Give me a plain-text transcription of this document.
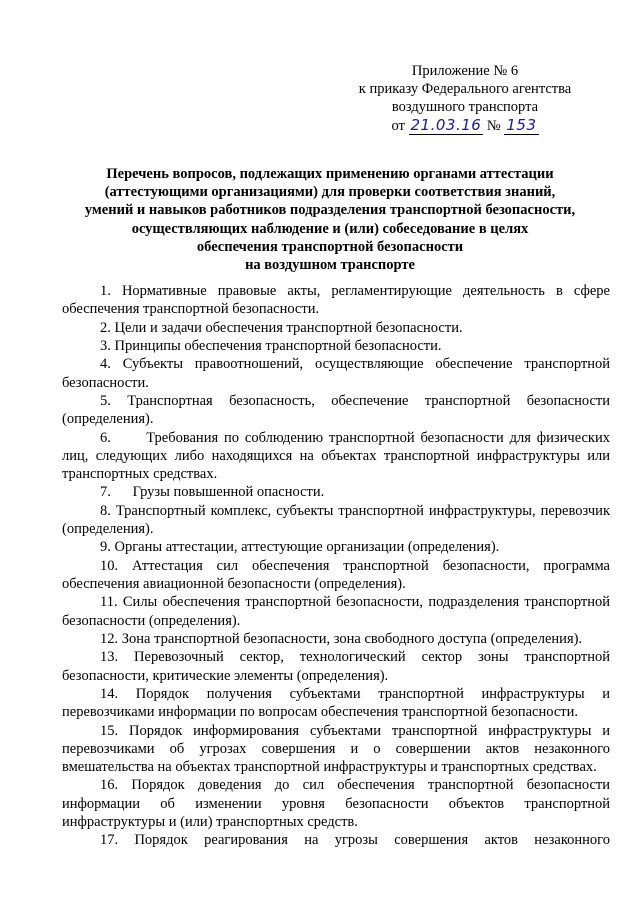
Приложение № 6
к приказу Федерального агентства
воздушного транспорта
от 21.03.16 № 153
Перечень вопросов, подлежащих применению органами аттестации
(аттестующими организациями) для проверки соответствия знаний,
умений и навыков работников подразделения транспортной безопасности,
осуществляющих наблюдение и (или) собеседование в целях
обеспечения транспортной безопасности
на воздушном транспорте

1. Нормативные правовые акты, регламентирующие деятельность в сфере обеспечения транспортной безопасности.

2. Цели и задачи обеспечения транспортной безопасности.

3. Принципы обеспечения транспортной безопасности.

4. Субъекты правоотношений, осуществляющие обеспечение транспортной безопасности.

5. Транспортная безопасность, обеспечение транспортной безопасности (определения).

6.      Требования по соблюдению транспортной безопасности для физических лиц, следующих либо находящихся на объектах транспортной инфраструктуры или транспортных средствах.

7.      Грузы повышенной опасности.

8. Транспортный комплекс, субъекты транспортной инфраструктуры, перевозчик (определения).

9. Органы аттестации, аттестующие организации (определения).

10. Аттестация сил обеспечения транспортной безопасности, программа обеспечения авиационной безопасности (определения).

11. Силы обеспечения транспортной безопасности, подразделения транспортной безопасности (определения).

12. Зона транспортной безопасности, зона свободного доступа (определения).

13. Перевозочный сектор, технологический сектор зоны транспортной безопасности, критические элементы (определения).

14. Порядок получения субъектами транспортной инфраструктуры и перевозчиками информации по вопросам обеспечения транспортной безопасности.

15. Порядок информирования субъектами транспортной инфраструктуры и перевозчиками об угрозах совершения и о совершении актов незаконного вмешательства на объектах транспортной инфраструктуры и транспортных средствах.

16. Порядок доведения до сил обеспечения транспортной безопасности информации об изменении уровня безопасности объектов транспортной инфраструктуры и (или) транспортных средств.

17. Порядок реагирования на угрозы совершения актов незаконного
